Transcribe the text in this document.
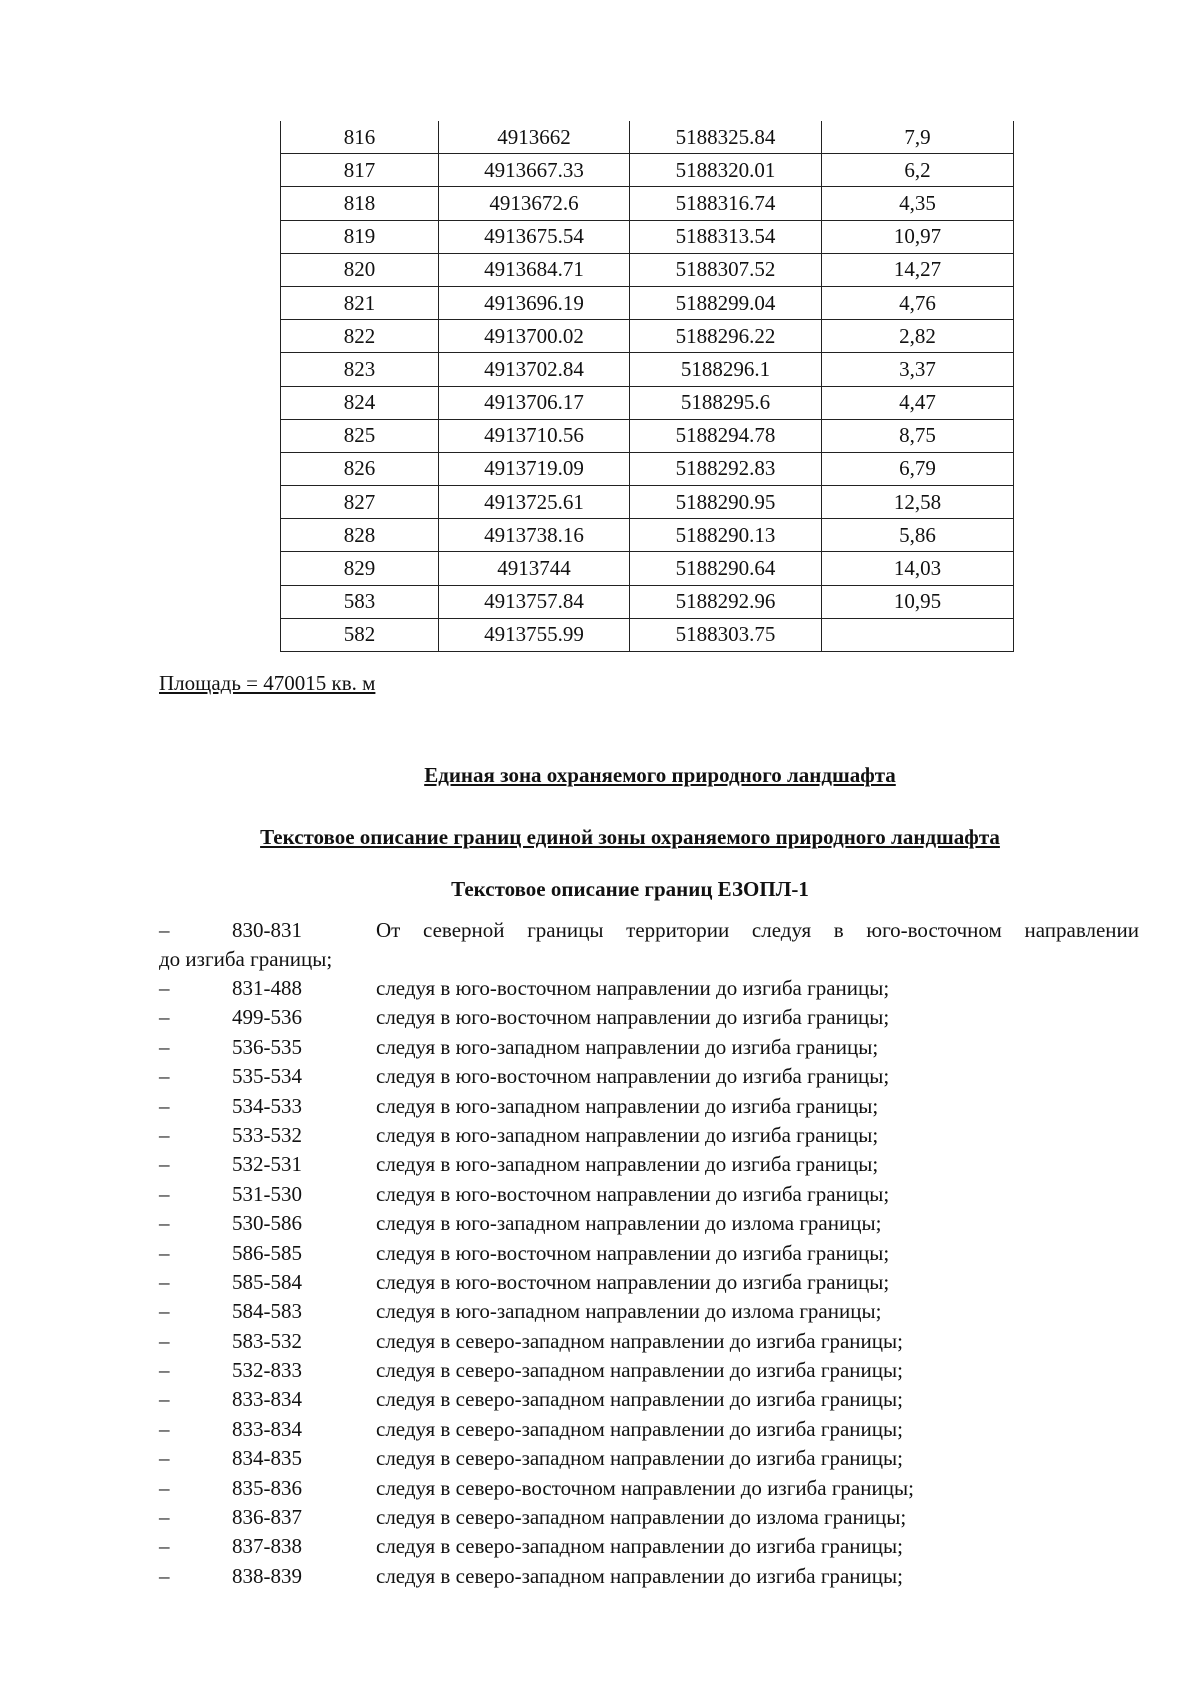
816	4913662	5188325.84	7,9
817	4913667.33	5188320.01	6,2
818	4913672.6	5188316.74	4,35
819	4913675.54	5188313.54	10,97
820	4913684.71	5188307.52	14,27
821	4913696.19	5188299.04	4,76
822	4913700.02	5188296.22	2,82
823	4913702.84	5188296.1	3,37
824	4913706.17	5188295.6	4,47
825	4913710.56	5188294.78	8,75
826	4913719.09	5188292.83	6,79
827	4913725.61	5188290.95	12,58
828	4913738.16	5188290.13	5,86
829	4913744	5188290.64	14,03
583	4913757.84	5188292.96	10,95
582	4913755.99	5188303.75	
Площадь = 470015 кв. м
Единая зона охраняемого природного ландшафта
Текстовое описание границ единой зоны охраняемого природного ландшафта
Текстовое описание границ ЕЗОПЛ-1
–	830-831	От северной границы территории следуя в юго-восточном направлении
до изгиба границы;
–	831-488	следуя в юго-восточном направлении до изгиба границы;
–	499-536	следуя в юго-восточном направлении до изгиба границы;
–	536-535	следуя в юго-западном направлении до изгиба границы;
–	535-534	следуя в юго-восточном направлении до изгиба границы;
–	534-533	следуя в юго-западном направлении до изгиба границы;
–	533-532	следуя в юго-западном направлении до изгиба границы;
–	532-531	следуя в юго-западном направлении до изгиба границы;
–	531-530	следуя в юго-восточном направлении до изгиба границы;
–	530-586	следуя в юго-западном направлении до излома границы;
–	586-585	следуя в юго-восточном направлении до изгиба границы;
–	585-584	следуя в юго-восточном направлении до изгиба границы;
–	584-583	следуя в юго-западном направлении до излома границы;
–	583-532	следуя в северо-западном направлении до изгиба границы;
–	532-833	следуя в северо-западном направлении до изгиба границы;
–	833-834	следуя в северо-западном направлении до изгиба границы;
–	833-834	следуя в северо-западном направлении до изгиба границы;
–	834-835	следуя в северо-западном направлении до изгиба границы;
–	835-836	следуя в северо-восточном направлении до изгиба границы;
–	836-837	следуя в северо-западном направлении до излома границы;
–	837-838	следуя в северо-западном направлении до изгиба границы;
–	838-839	следуя в северо-западном направлении до изгиба границы;
